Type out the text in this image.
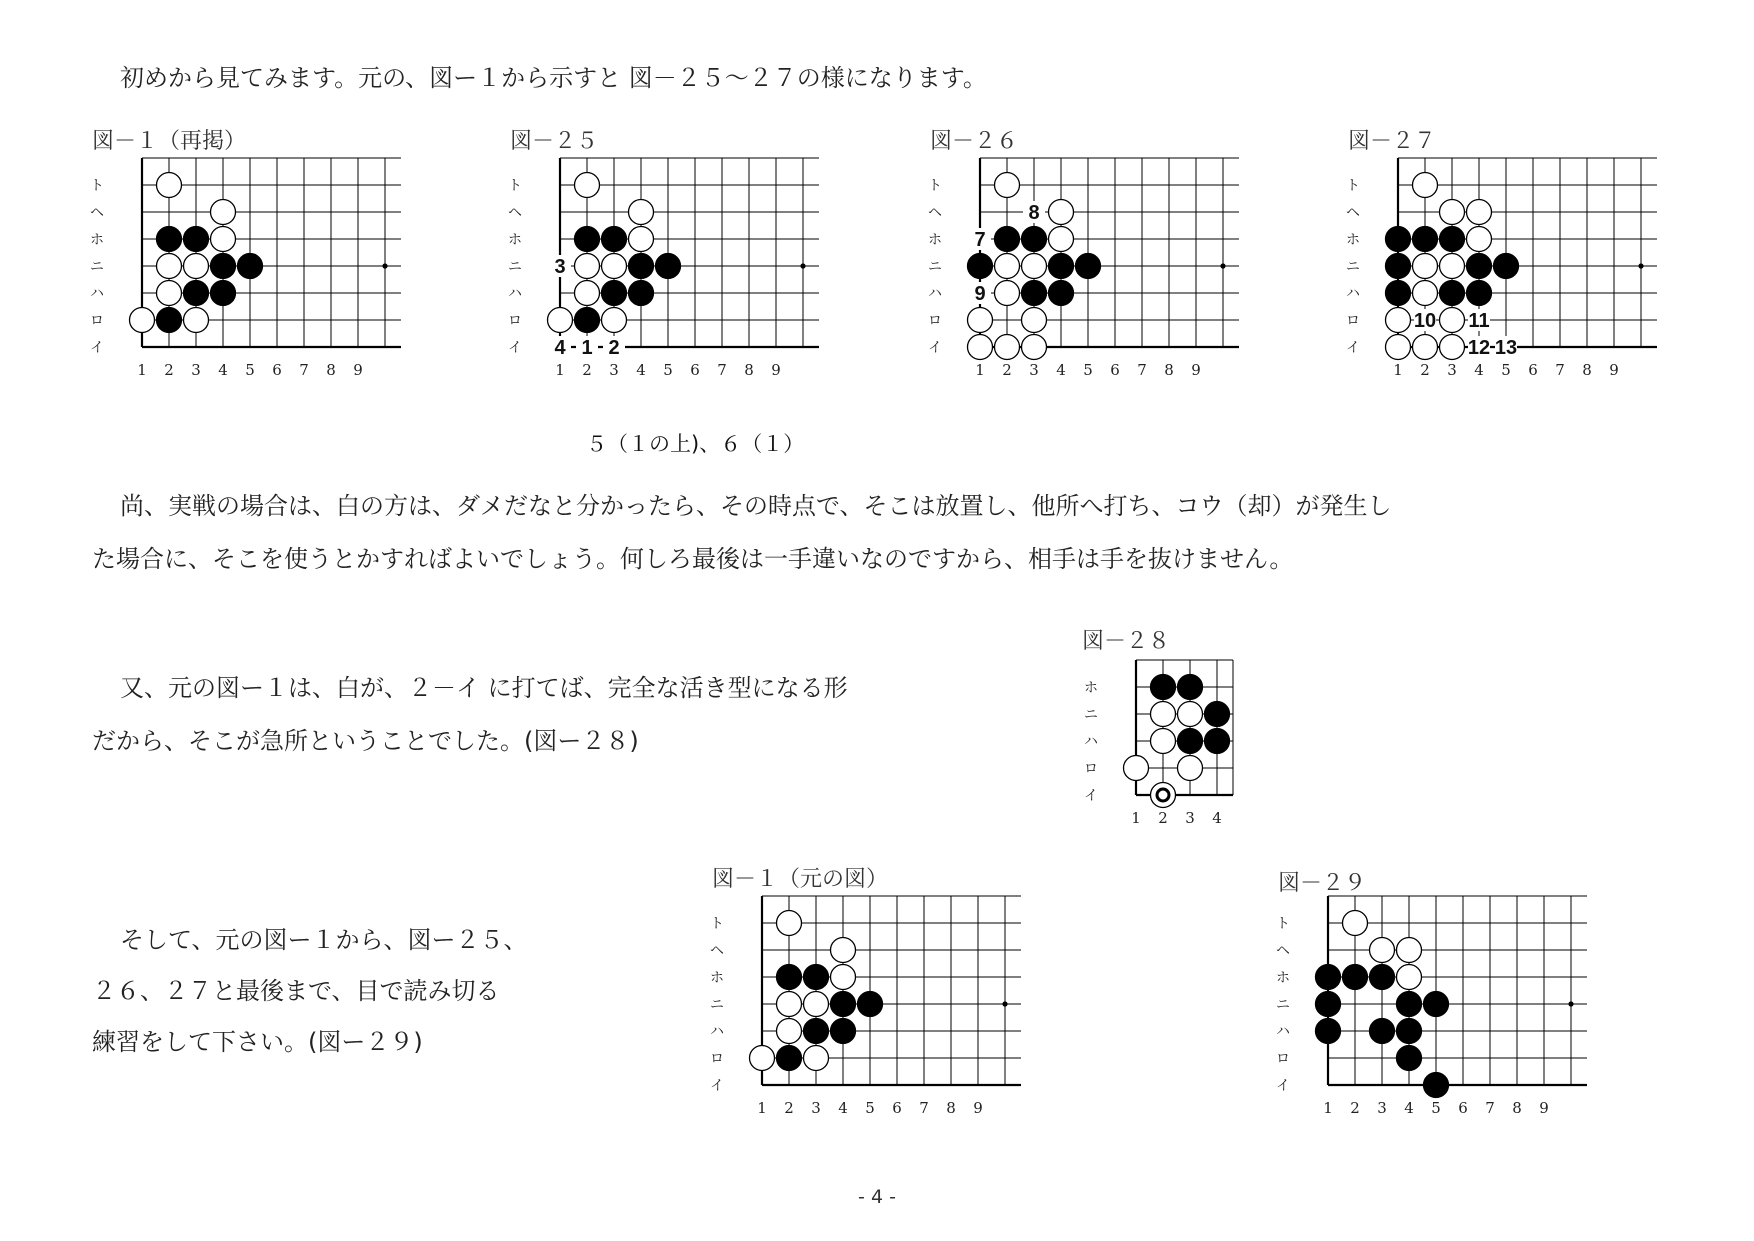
初めから見てみます。元の、図ー１から示すと 図－２５～２７の様になります。

尚、実戦の場合は、白の方は、ダメだなと分かったら、その時点で、そこは放置し、他所へ打ち、コウ（却）が発生し

た場合に、そこを使うとかすればよいでしょう。何しろ最後は一手違いなのですから、相手は手を抜けません。

又、元の図ー１は、白が、２－イ に打てば、完全な活き型になる形

だから、そこが急所ということでした。(図ー２８)

そして、元の図ー１から、図ー２５、

２６、２７と最後まで、目で読み切る

練習をして下さい。(図ー２９)

図－１（再掲）	図－２５	図－２６	図－２７

図－２８

図－１（元の図）	図－２９

５（１の上)、６（１）

ト
ヘ
ホ
ニ
ハ
ロ
イ
1 2 3 4 5 6 7 8 9
ト
ヘ
ホ
ニ
ハ
ロ
イ
1 2 3 4 5 6 7 8 9
3
4 1 2
ト
ヘ
ホ
ニ
ハ
ロ
イ
1 2 3 4 5 6 7 8 9
8
7
9
ト
ヘ
ホ
ニ
ハ
ロ
イ
1 2 3 4 5 6 7 8 9
10 11
12 13
ホ
ニ
ハ
ロ
イ
1 2 3 4
ト
ヘ
ホ
ニ
ハ
ロ
イ
1 2 3 4 5 6 7 8 9
ト
ヘ
ホ
ニ
ハ
ロ
イ
1 2 3 4 5 6 7 8 9
- 4 -
